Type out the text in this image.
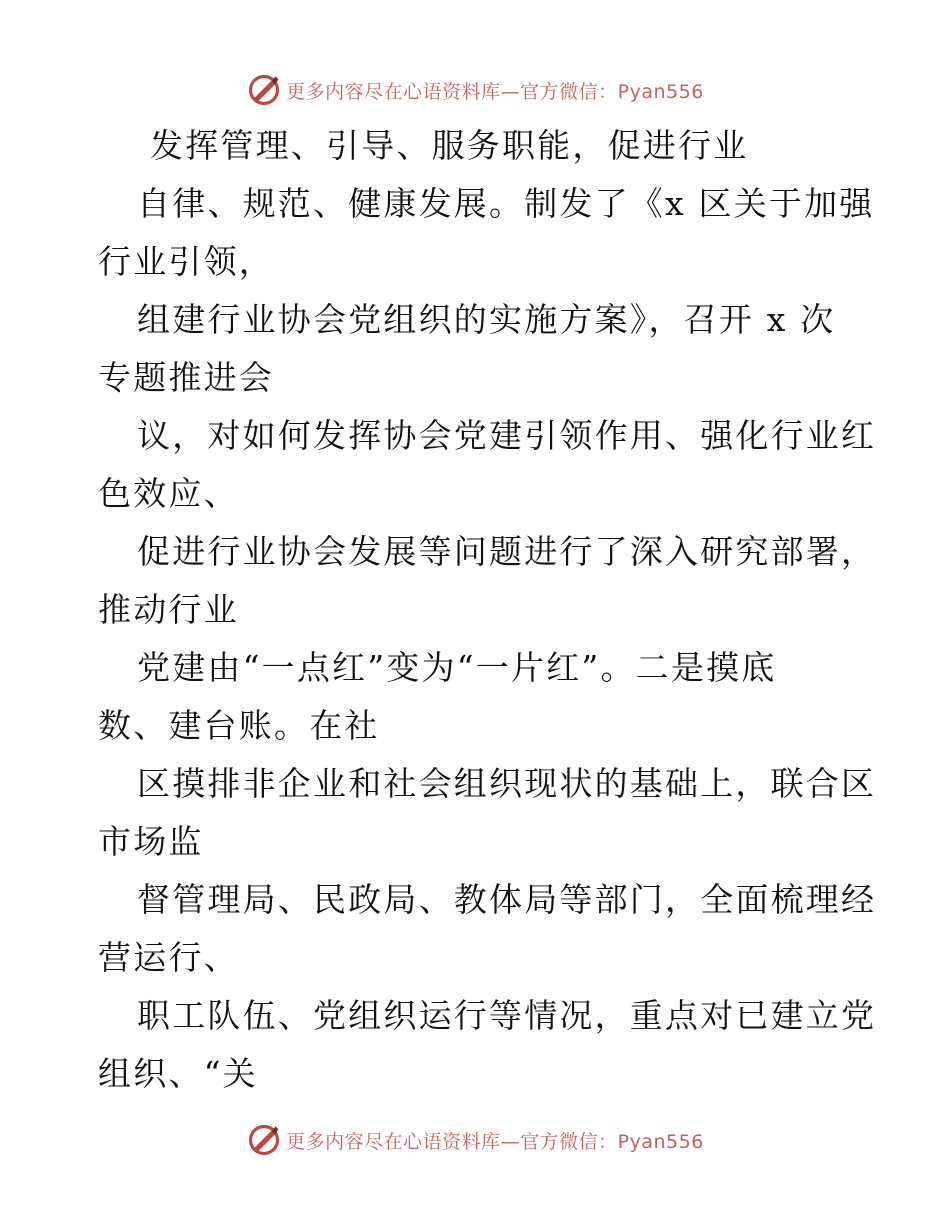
更多内容尽在心语资料库—官方微信：Pyan556
发挥管理、引导、服务职能，促进行业
自律、规范、健康发展。制发了《x 区关于加强
行业引领，
组建行业协会党组织的实施方案》，召开 x 次
专题推进会
议，对如何发挥协会党建引领作用、强化行业红
色效应、
促进行业协会发展等问题进行了深入研究部署，
推动行业
党建由“一点红”变为“一片红”。二是摸底
数、建台账。在社
区摸排非企业和社会组织现状的基础上，联合区
市场监
督管理局、民政局、教体局等部门，全面梳理经
营运行、
职工队伍、党组织运行等情况，重点对已建立党
组织、“关
更多内容尽在心语资料库—官方微信：Pyan556
